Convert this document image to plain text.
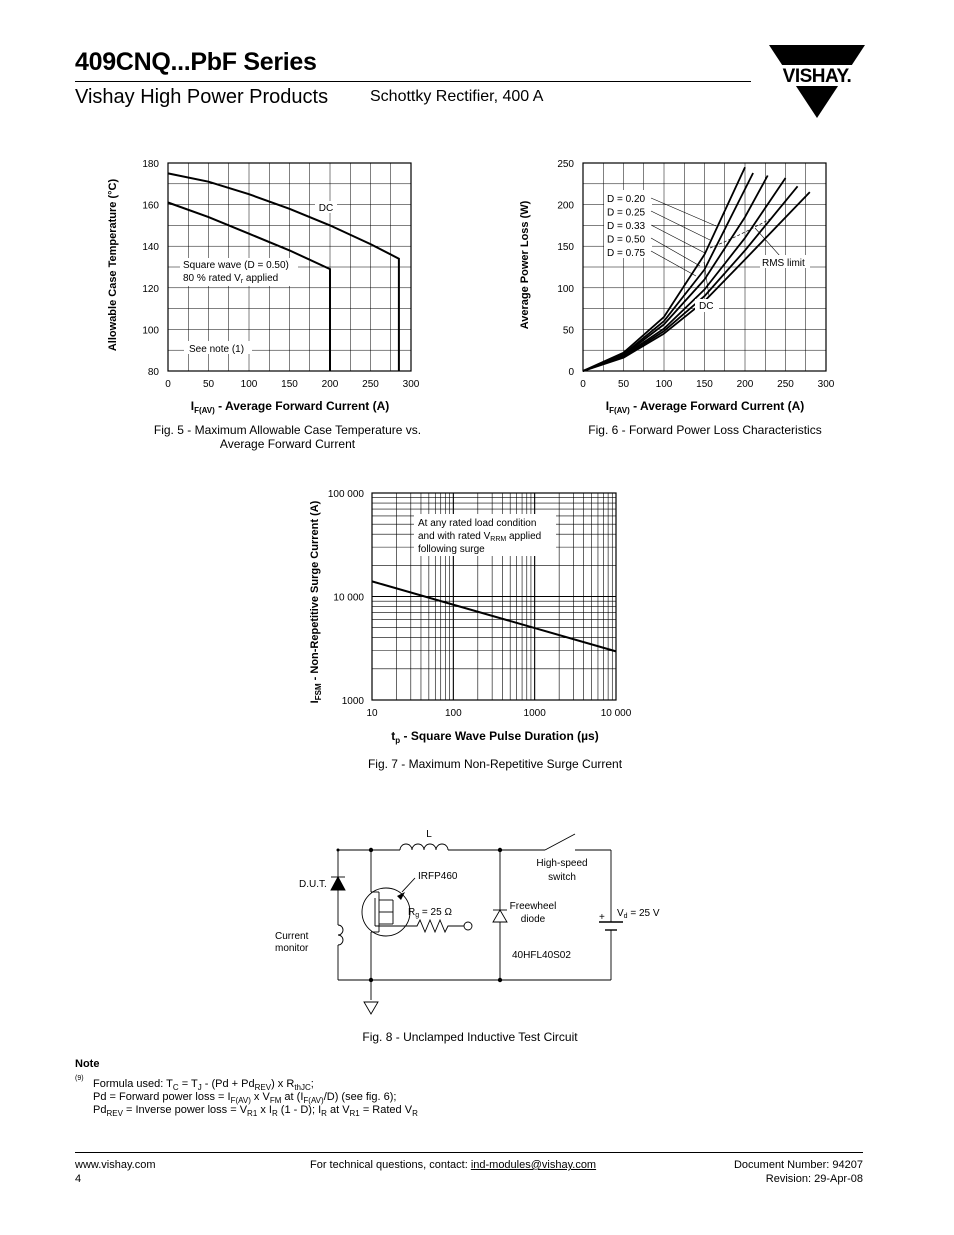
409CNQ...PbF Series
Vishay High Power Products	Schottky Rectifier, 400 A
VISHAY.
0	50	100 150 200 250 300
80
100
120
140
160
180
DC
Square wave (D = 0.50)
80 % rated $V_r$ applied
See note (1)
Allowable Case Temperature (°C)
$I_{F(AV)}$ - Average Forward Current (A)
Fig. 5 - Maximum Allowable Case Temperature vs.
Average Forward Current
0	50	100 150 200 250 300
0
50
100
150
200
250
D = 0.20
D = 0.25
D = 0.33
D = 0.50
D = 0.75
DC
RMS limit
Average Power Loss (W)
$I_{F(AV)}$ - Average Forward Current (A)
Fig. 6 - Forward Power Loss Characteristics
10	100	1000	10 000
1000
10 000
100 000
At any rated load condition
and with rated $V_{RRM}$ applied
following surge
$I_{FSM}$ - Non-Repetitive Surge Current (A)
$t_p$ - Square Wave Pulse Duration (µs)
Fig. 7 - Maximum Non-Repetitive Surge Current
L
D.U.T.
IRFP460
$R_g = 25$ Ω
Current
monitor
High-speed
switch
Freewheel
diode
40HFL40S02
+ $V_d = 25$ V
Fig. 8 - Unclamped Inductive Test Circuit
Note
(9) Formula used: $T_C = T_J - (Pd + Pd_{REV})$ x $R_{thJC}$;
Pd = Forward power loss = $I_{F(AV)}$ x $V_{FM}$ at $(I_{F(AV)}/D)$ (see fig. 6);
$Pd_{REV}$ = Inverse power loss = $V_{R1}$ x $I_R$ (1 - D); $I_R$ at $V_{R1}$ = Rated $V_R$
www.vishay.com
4
For technical questions, contact: ind-modules@vishay.com	Document Number: 94207
Revision: 29-Apr-08
